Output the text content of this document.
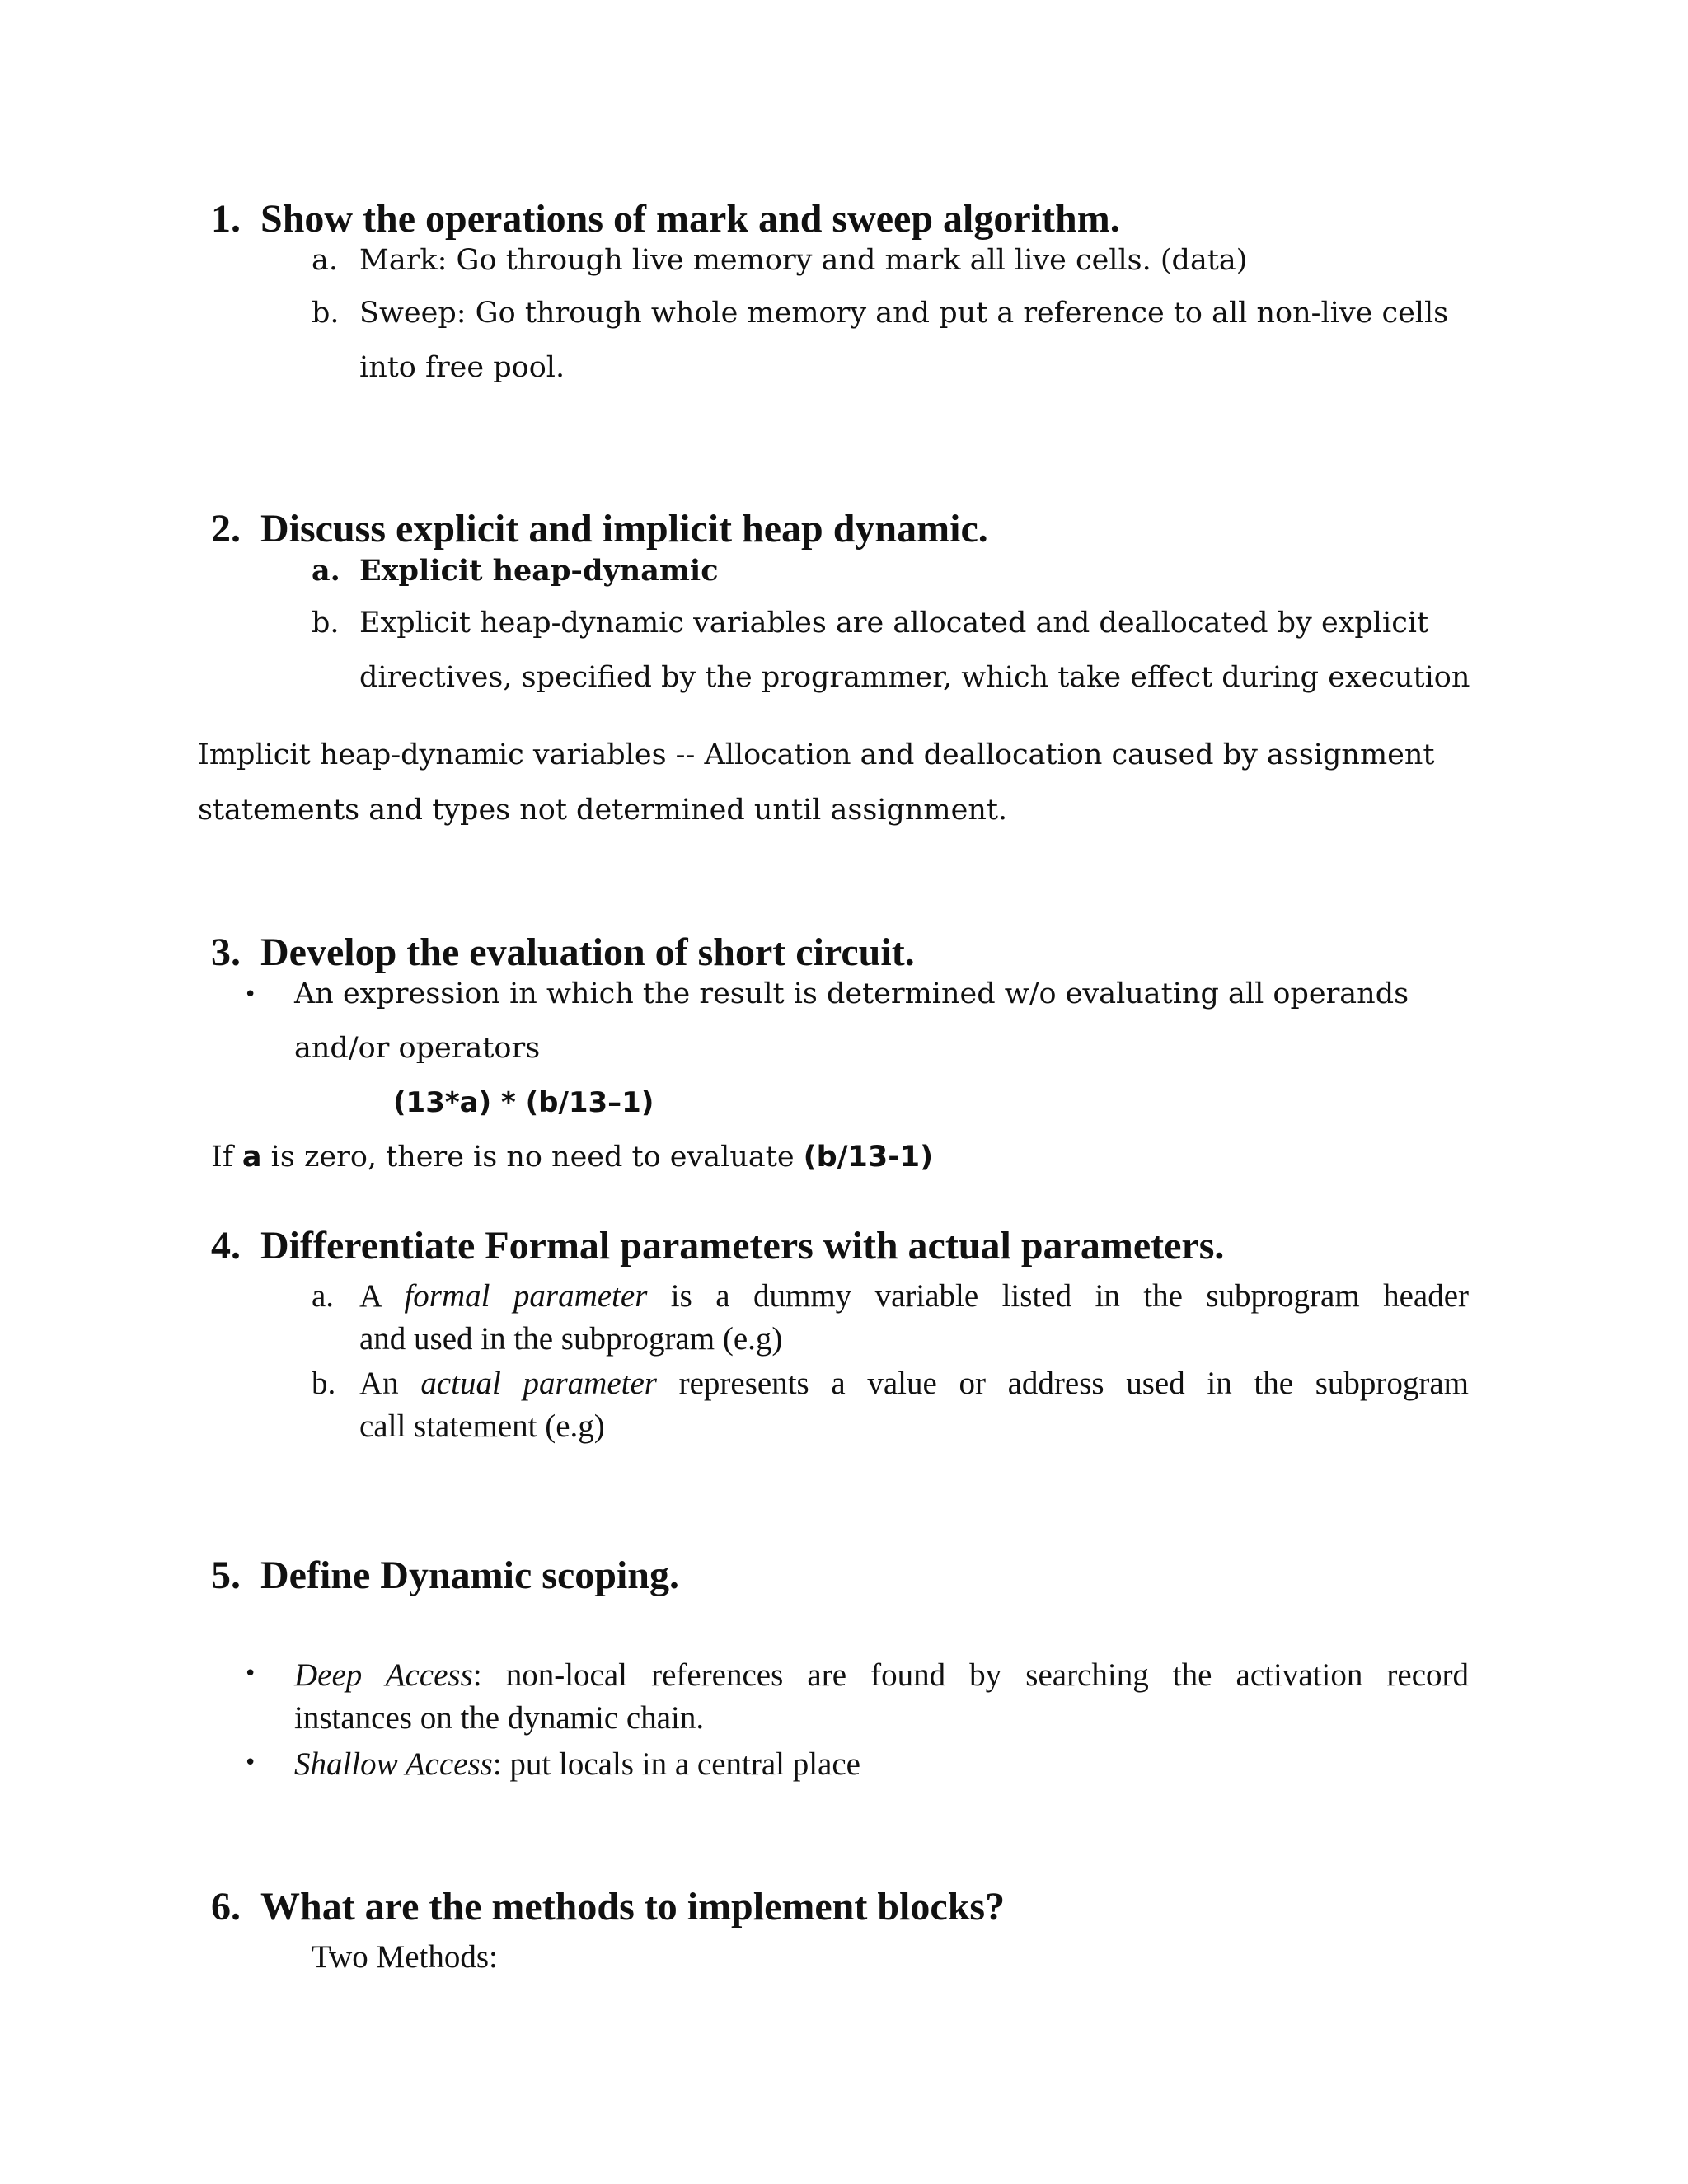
1. Show the operations of mark and sweep algorithm.
a. Mark: Go through live memory and mark all live cells. (data)
b. Sweep: Go through whole memory and put a reference to all non-live cells
into free pool.
2. Discuss explicit and implicit heap dynamic.
a. Explicit heap-dynamic
b. Explicit heap-dynamic variables are allocated and deallocated by explicit
directives, specified by the programmer, which take effect during execution
Implicit heap-dynamic variables -- Allocation and deallocation caused by assignment
statements and types not determined until assignment.
3. Develop the evaluation of short circuit.
• An expression in which the result is determined w/o evaluating all operands
and/or operators
(13*a) * (b/13–1)
If a is zero, there is no need to evaluate (b/13-1)
4. Differentiate Formal parameters with actual parameters.
a. A formal parameter is a dummy variable listed in the subprogram header
and used in the subprogram (e.g)
b. An actual parameter represents a value or address used in the subprogram
call statement (e.g)
5. Define Dynamic scoping.
• Deep Access: non-local references are found by searching the activation record
instances on the dynamic chain.
• Shallow Access: put locals in a central place
6. What are the methods to implement blocks?
Two Methods:
